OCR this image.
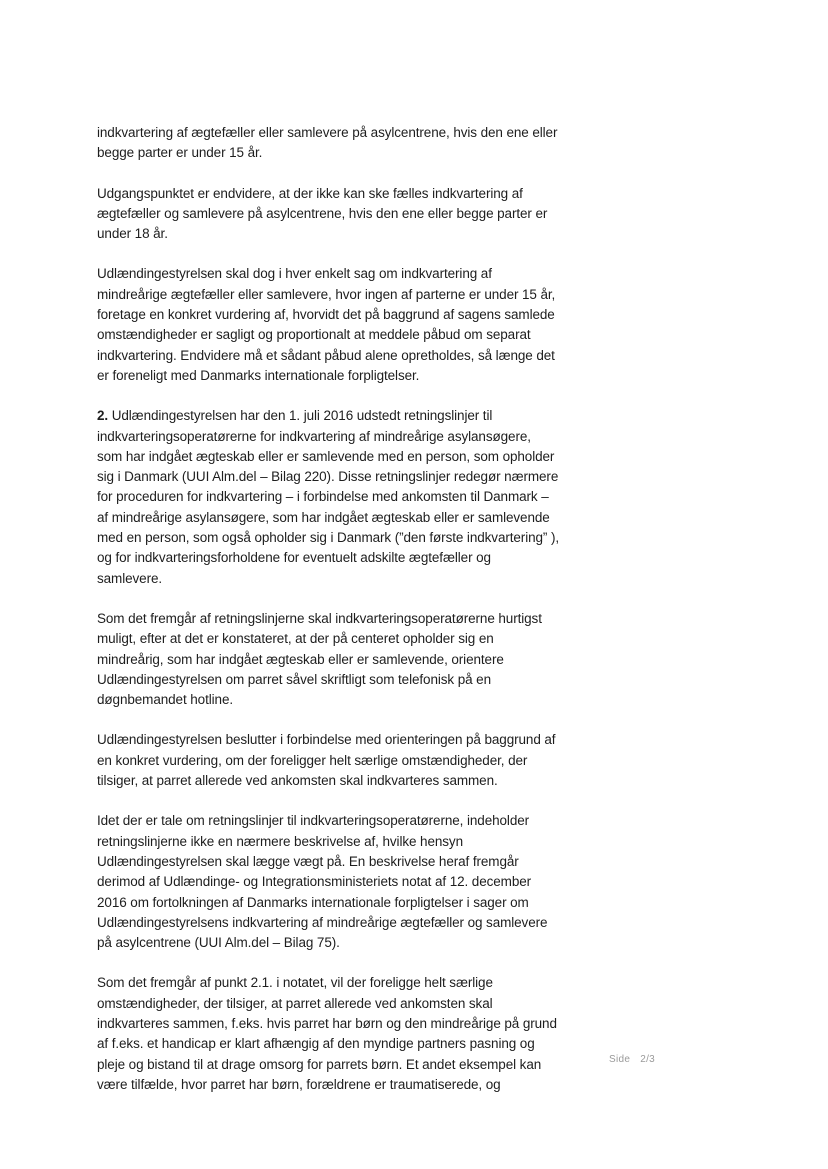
indkvartering af ægtefæller eller samlevere på asylcentrene, hvis den ene eller
begge parter er under 15 år.

Udgangspunktet er endvidere, at der ikke kan ske fælles indkvartering af
ægtefæller og samlevere på asylcentrene, hvis den ene eller begge parter er
under 18 år.

Udlændingestyrelsen skal dog i hver enkelt sag om indkvartering af
mindreårige ægtefæller eller samlevere, hvor ingen af parterne er under 15 år,
foretage en konkret vurdering af, hvorvidt det på baggrund af sagens samlede
omstændigheder er sagligt og proportionalt at meddele påbud om separat
indkvartering. Endvidere må et sådant påbud alene opretholdes, så længe det
er foreneligt med Danmarks internationale forpligtelser.

2. Udlændingestyrelsen har den 1. juli 2016 udstedt retningslinjer til
indkvarteringsoperatørerne for indkvartering af mindreårige asylansøgere,
som har indgået ægteskab eller er samlevende med en person, som opholder
sig i Danmark (UUI Alm.del – Bilag 220). Disse retningslinjer redegør nærmere
for proceduren for indkvartering – i forbindelse med ankomsten til Danmark –
af mindreårige asylansøgere, som har indgået ægteskab eller er samlevende
med en person, som også opholder sig i Danmark (”den første indkvartering” ),
og for indkvarteringsforholdene for eventuelt adskilte ægtefæller og
samlevere.

Som det fremgår af retningslinjerne skal indkvarteringsoperatørerne hurtigst
muligt, efter at det er konstateret, at der på centeret opholder sig en
mindreårig, som har indgået ægteskab eller er samlevende, orientere
Udlændingestyrelsen om parret såvel skriftligt som telefonisk på en
døgnbemandet hotline.

Udlændingestyrelsen beslutter i forbindelse med orienteringen på baggrund af
en konkret vurdering, om der foreligger helt særlige omstændigheder, der
tilsiger, at parret allerede ved ankomsten skal indkvarteres sammen.

Idet der er tale om retningslinjer til indkvarteringsoperatørerne, indeholder
retningslinjerne ikke en nærmere beskrivelse af, hvilke hensyn
Udlændingestyrelsen skal lægge vægt på. En beskrivelse heraf fremgår
derimod af Udlændinge- og Integrationsministeriets notat af 12. december
2016 om fortolkningen af Danmarks internationale forpligtelser i sager om
Udlændingestyrelsens indkvartering af mindreårige ægtefæller og samlevere
på asylcentrene (UUI Alm.del – Bilag 75).

Som det fremgår af punkt 2.1. i notatet, vil der foreligge helt særlige
omstændigheder, der tilsiger, at parret allerede ved ankomsten skal
indkvarteres sammen, f.eks. hvis parret har børn og den mindreårige på grund
af f.eks. et handicap er klart afhængig af den myndige partners pasning og
pleje og bistand til at drage omsorg for parrets børn. Et andet eksempel kan
være tilfælde, hvor parret har børn, forældrene er traumatiserede, og

Side 2/3
